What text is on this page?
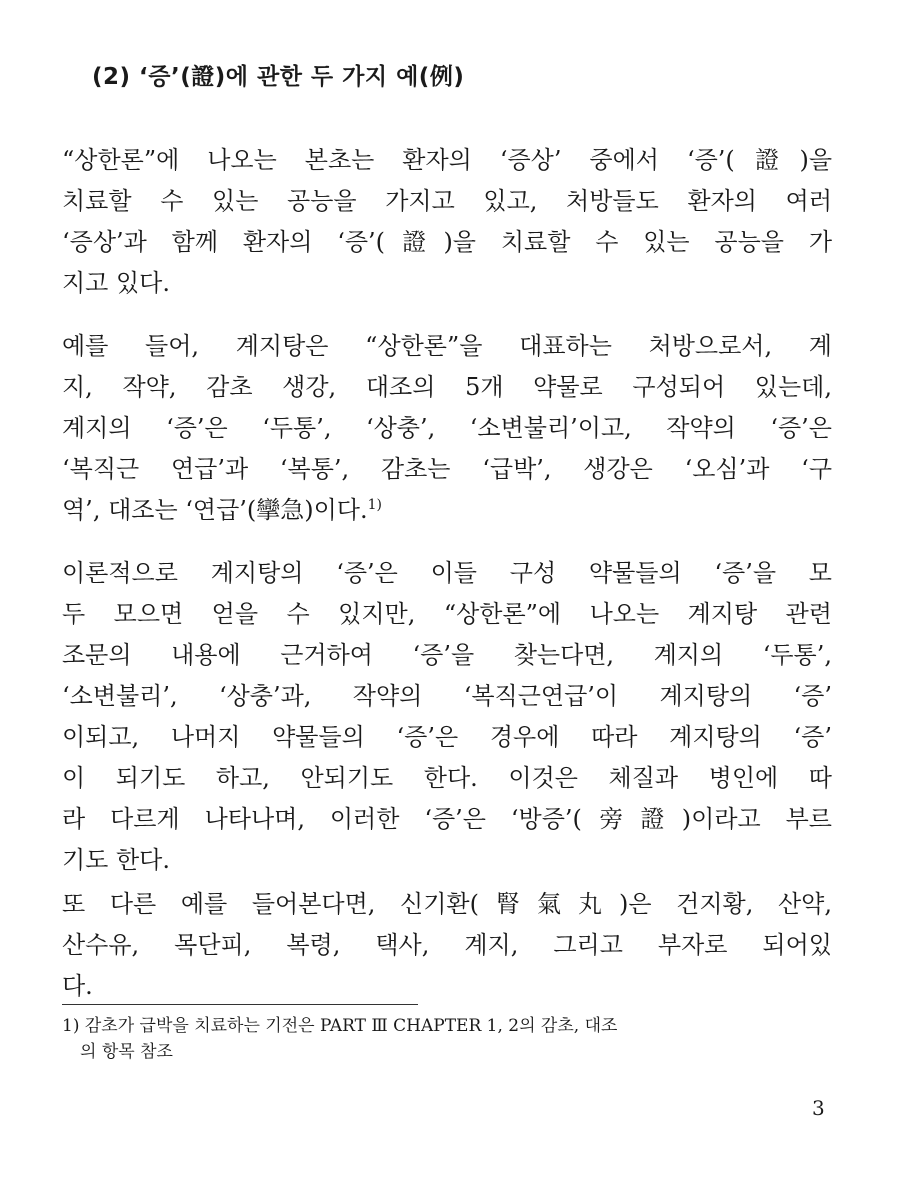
(2) ‘증’(證)에 관한 두 가지 예(例)
“상한론”에 나오는 본초는 환자의 ‘증상’ 중에서 ‘증’(證)을
치료할 수 있는 공능을 가지고 있고, 처방들도 환자의 여러
‘증상’과 함께 환자의 ‘증’(證)을 치료할 수 있는 공능을 가
지고 있다.
예를 들어, 계지탕은 “상한론”을 대표하는 처방으로서, 계
지, 작약, 감초 생강, 대조의 5개 약물로 구성되어 있는데,
계지의 ‘증’은 ‘두통’, ‘상충’, ‘소변불리’이고, 작약의 ‘증’은
‘복직근 연급’과 ‘복통’, 감초는 ‘급박’, 생강은 ‘오심’과 ‘구
역’, 대조는 ‘연급’(攣急)이다.$^{1)}$
이론적으로 계지탕의 ‘증’은 이들 구성 약물들의 ‘증’을 모
두 모으면 얻을 수 있지만, “상한론”에 나오는 계지탕 관련
조문의 내용에 근거하여 ‘증’을 찾는다면, 계지의 ‘두통’,
‘소변불리’, ‘상충’과, 작약의 ‘복직근연급’이 계지탕의 ‘증’
이되고, 나머지 약물들의 ‘증’은 경우에 따라 계지탕의 ‘증’
이 되기도 하고, 안되기도 한다. 이것은 체질과 병인에 따
라 다르게 나타나며, 이러한 ‘증’은 ‘방증’(旁證)이라고 부르
기도 한다.
또 다른 예를 들어본다면, 신기환(腎氣丸)은 건지황, 산약,
산수유, 목단피, 복령, 택사, 계지, 그리고 부자로 되어있
다.
1) 감초가 급박을 치료하는 기전은 PART Ⅲ CHAPTER 1, 2의 감초, 대조
의 항목 참조
3
